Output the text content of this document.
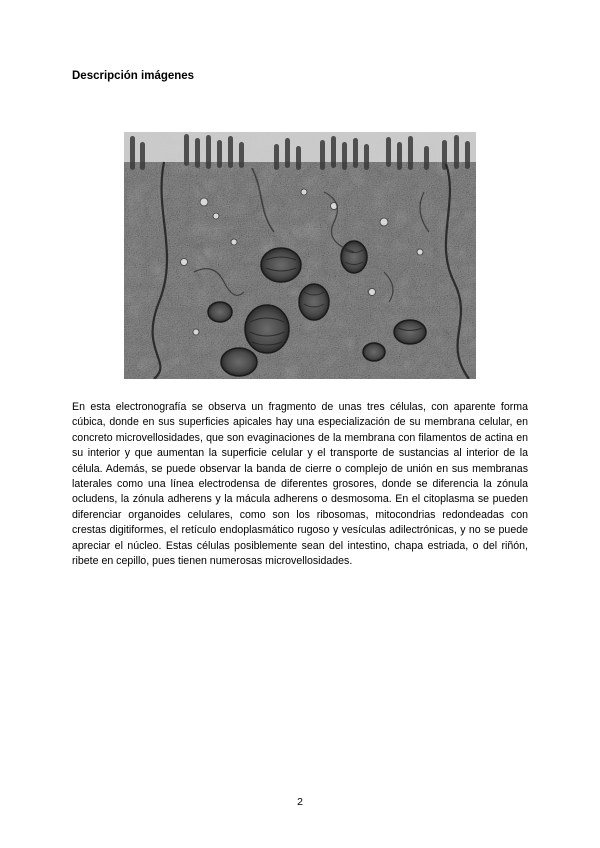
Descripción imágenes
En esta electronografía se observa un fragmento de unas tres células, con aparente forma cúbica, donde en sus superficies apicales hay una especialización de su membrana celular, en concreto microvellosidades, que son evaginaciones de la membrana con filamentos de actina en su interior y que aumentan la superficie celular y el transporte de sustancias al interior de la célula. Además, se puede observar la banda de cierre o complejo de unión en sus membranas laterales como una línea electrodensa de diferentes grosores, donde se diferencia la zónula ocludens, la zónula adherens y la mácula adherens o desmosoma. En el citoplasma se pueden diferenciar organoides celulares, como son los ribosomas, mitocondrias redondeadas con crestas digitiformes, el retículo endoplasmático rugoso y vesículas adilectrónicas, y no se puede apreciar el núcleo. Estas células posiblemente sean del intestino, chapa estriada, o del riñón, ribete en cepillo, pues tienen numerosas microvellosidades.
2
